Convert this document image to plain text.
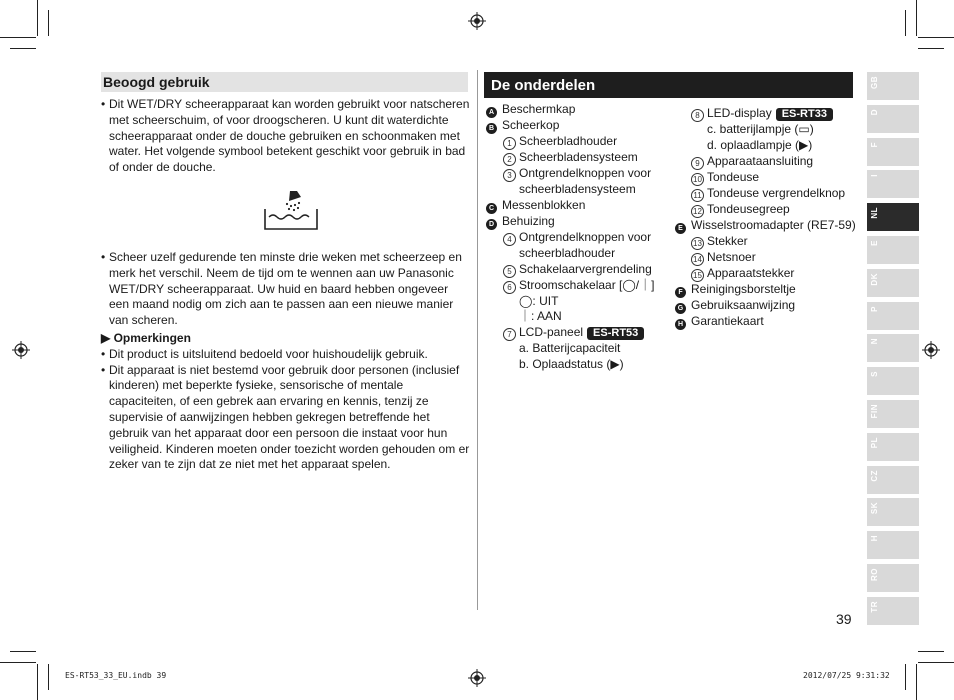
Beoogd gebruik
• Dit WET/DRY scheerapparaat kan worden gebruikt voor natscheren met scheerschuim, of voor droogscheren. U kunt dit waterdichte scheerapparaat onder de douche gebruiken en schoonmaken met water. Het volgende symbool betekent geschikt voor gebruik in bad of onder de douche.
• Scheer uzelf gedurende ten minste drie weken met scheerzeep en merk het verschil. Neem de tijd om te wennen aan uw Panasonic WET/DRY scheerapparaat. Uw huid en baard hebben ongeveer een maand nodig om zich aan te passen aan een nieuwe manier van scheren.
▶ Opmerkingen
• Dit product is uitsluitend bedoeld voor huishoudelijk gebruik.
• Dit apparaat is niet bestemd voor gebruik door personen (inclusief kinderen) met beperkte fysieke, sensorische of mentale capaciteiten, of een gebrek aan ervaring en kennis, tenzij ze supervisie of aanwijzingen hebben gekregen betreffende het gebruik van het apparaat door een persoon die instaat voor hun veiligheid. Kinderen moeten onder toezicht worden gehouden om er zeker van te zijn dat ze niet met het apparaat spelen.
De onderdelen
A Beschermkap
B Scheerkop
1 Scheerbladhouder
2 Scheerbladensysteem
3 Ontgrendelknoppen voor
scheerbladensysteem
C Messenblokken
D Behuizing
4 Ontgrendelknoppen voor
scheerbladhouder
5 Schakelaarvergrendeling
6 Stroomschakelaar [◯/｜]
◯: UIT
｜: AAN
7 LCD-paneel ES-RT53
a. Batterijcapaciteit
b. Oplaadstatus (▶)
8 LED-display ES-RT33
c. batterijlampje (▭)
d. oplaadlampje (▶)
9 Apparaataansluiting
10 Tondeuse
11 Tondeuse vergrendelknop
12 Tondeusegreep
E Wisselstroomadapter (RE7-59)
13 Stekker
14 Netsnoer
15 Apparaatstekker
F Reinigingsborsteltje
G Gebruiksaanwijzing
H Garantiekaart
GB
D
F
I
NL
E
DK
P
N
S
FIN
PL
CZ
SK
H
RO
TR
39
ES-RT53_33_EU.indb 39	2012/07/25 9:31:32
